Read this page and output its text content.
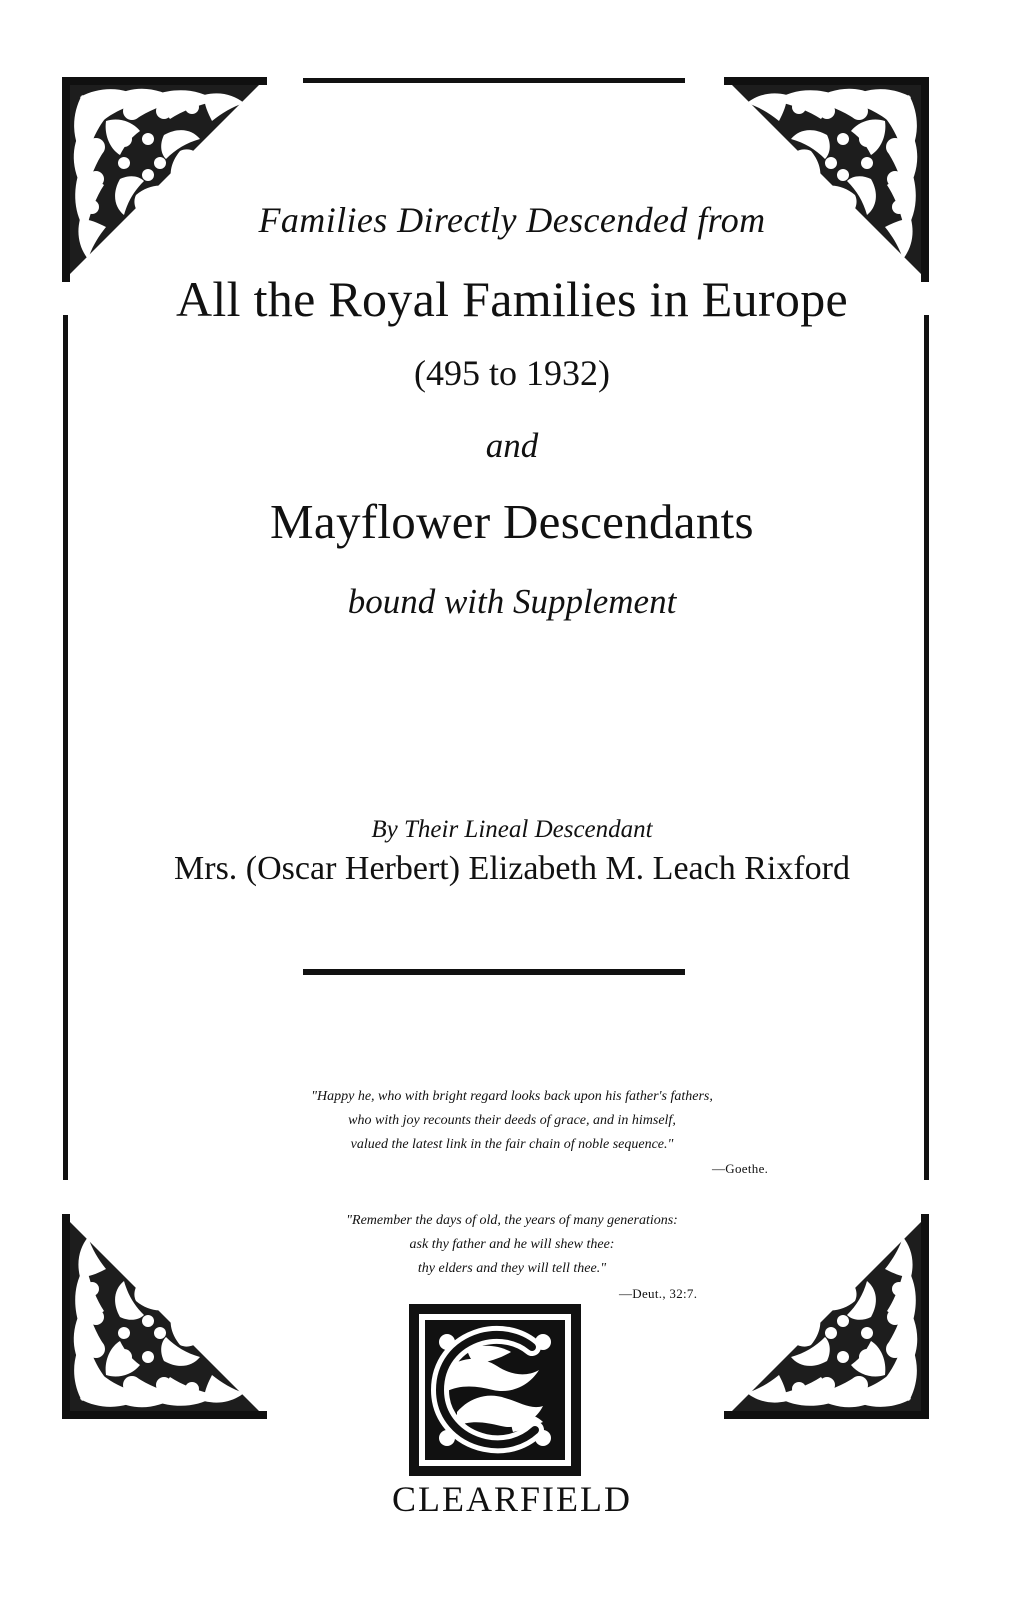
Families Directly Descended from
All the Royal Families in Europe
(495 to 1932)
and
Mayflower Descendants
bound with Supplement
By Their Lineal Descendant
Mrs. (Oscar Herbert) Elizabeth M. Leach Rixford
"Happy he, who with bright regard looks back upon his father's fathers,
who with joy recounts their deeds of grace, and in himself,
valued the latest link in the fair chain of noble sequence."
—Goethe.
"Remember the days of old, the years of many generations:
ask thy father and he will shew thee:
thy elders and they will tell thee."
—Deut., 32:7.
CLEARFIELD
